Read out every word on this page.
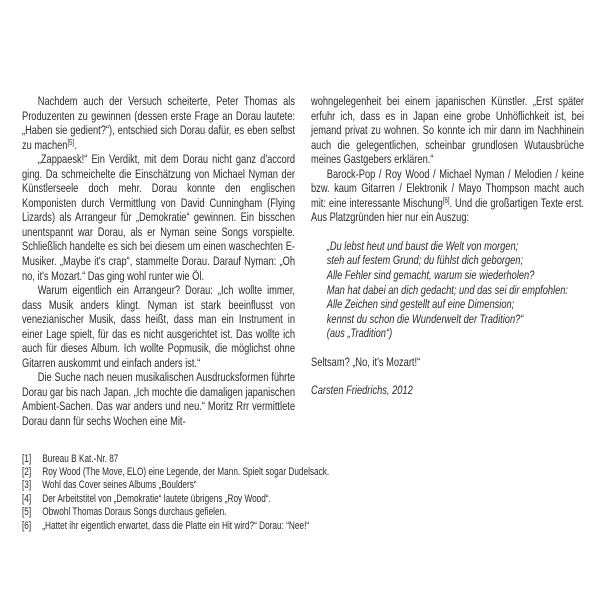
Nachdem auch der Versuch scheiterte, Peter Thomas als Produzenten zu gewinnen (dessen erste Frage an Dorau lautete: „Haben sie gedient?“), entschied sich Dorau dafür, es eben selbst zu machen[5].

„Zappaesk!“ Ein Verdikt, mit dem Dorau nicht ganz d'accord ging. Da schmeichelte die Einschätzung von Michael Nyman der Künstlerseele doch mehr. Dorau konnte den englischen Komponisten durch Vermittlung von David Cunningham (Flying Lizards) als Arrangeur für „Demokratie“ gewinnen. Ein bisschen unentspannt war Dorau, als er Nyman seine Songs vorspielte. Schließlich handelte es sich bei diesem um einen waschechten E-Musiker. „Maybe it's crap“, stammelte Dorau. Darauf Nyman: „Oh no, it's Mozart.“ Das ging wohl runter wie Öl.

Warum eigentlich ein Arrangeur? Dorau: „Ich wollte immer, dass Musik anders klingt. Nyman ist stark beeinflusst von venezianischer Musik, dass heißt, dass man ein Instrument in einer Lage spielt, für das es nicht ausgerichtet ist. Das wollte ich auch für dieses Album. Ich wollte Popmusik, die möglichst ohne Gitarren auskommt und einfach anders ist.“

Die Suche nach neuen musikalischen Ausdrucksformen führte Dorau gar bis nach Japan. „Ich mochte die damaligen japanischen Ambient-Sachen. Das war anders und neu.“ Moritz Rrr vermittlete Dorau dann für sechs Wochen eine Mit-

wohngelegenheit bei einem japanischen Künstler. „Erst später erfuhr ich, dass es in Japan eine grobe Unhöflichkeit ist, bei jemand privat zu wohnen. So konnte ich mir dann im Nachhinein auch die gelegentlichen, scheinbar grundlosen Wutausbrüche meines Gastgebers erklären.“

Barock-Pop / Roy Wood / Michael Nyman / Melodien / keine bzw. kaum Gitarren / Elektronik / Mayo Thompson macht auch mit: eine interessante Mischung[6]. Und die großartigen Texte erst. Aus Platzgründen hier nur ein Auszug:

„Du lebst heut und baust die Welt von morgen;
steh auf festem Grund; du fühlst dich geborgen;
Alle Fehler sind gemacht, warum sie wiederholen?
Man hat dabei an dich gedacht; und das sei dir empfohlen:
Alle Zeichen sind gestellt auf eine Dimension;
kennst du schon die Wunderwelt der Tradition?“
(aus „Tradition“)

Seltsam? „No, it's Mozart!“

Carsten Friedrichs, 2012

[1] Bureau B Kat.-Nr. 87
[2] Roy Wood (The Move, ELO) eine Legende, der Mann. Spielt sogar Dudelsack.
[3] Wohl das Cover seines Albums „Boulders“
[4] Der Arbeitstitel von „Demokratie“ lautete übrigens „Roy Wood“.
[5] Obwohl Thomas Doraus Songs durchaus gefielen.
[6] „Hattet ihr eigentlich erwartet, dass die Platte ein Hit wird?“ Dorau: “Nee!“
